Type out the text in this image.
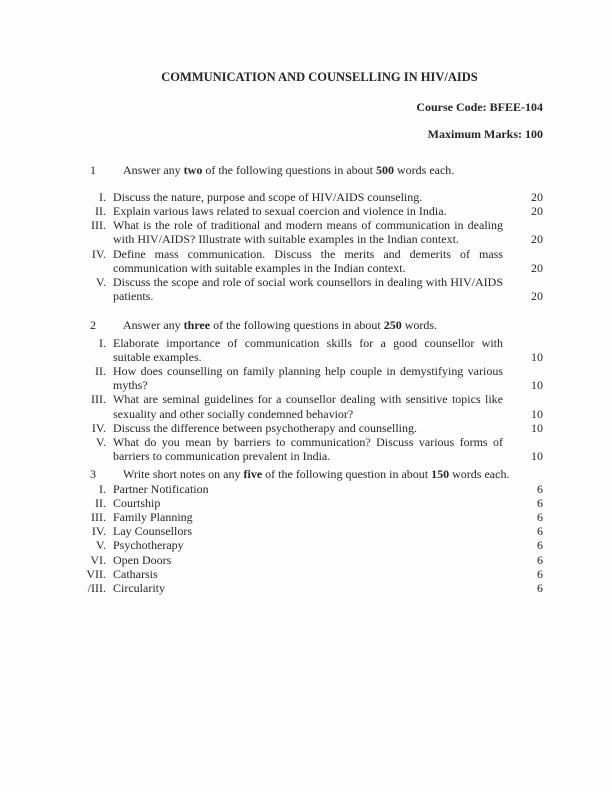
COMMUNICATION AND COUNSELLING IN HIV/AIDS
Course Code: BFEE-104
Maximum Marks: 100
1 Answer any two of the following questions in about 500 words each.
I. Discuss the nature, purpose and scope of HIV/AIDS counseling.	20
II. Explain various laws related to sexual coercion and violence in India.	20
III. What is the role of traditional and modern means of communication in dealing with HIV/AIDS? Illustrate with suitable examples in the Indian context.	20
IV. Define mass communication. Discuss the merits and demerits of mass communication with suitable examples in the Indian context.	20
V. Discuss the scope and role of social work counsellors in dealing with HIV/AIDS patients.	20
2 Answer any three of the following questions in about 250 words.
I. Elaborate importance of communication skills for a good counsellor with suitable examples.	10
II. How does counselling on family planning help couple in demystifying various myths?	10
III. What are seminal guidelines for a counsellor dealing with sensitive topics like sexuality and other socially condemned behavior?	10
IV. Discuss the difference between psychotherapy and counselling.	10
V. What do you mean by barriers to communication? Discuss various forms of barriers to communication prevalent in India.	10
3 Write short notes on any five of the following question in about 150 words each.
I. Partner Notification	6
II. Courtship	6
III. Family Planning	6
IV. Lay Counsellors	6
V. Psychotherapy	6
VI. Open Doors	6
VII. Catharsis	6
/III. Circularity	6
